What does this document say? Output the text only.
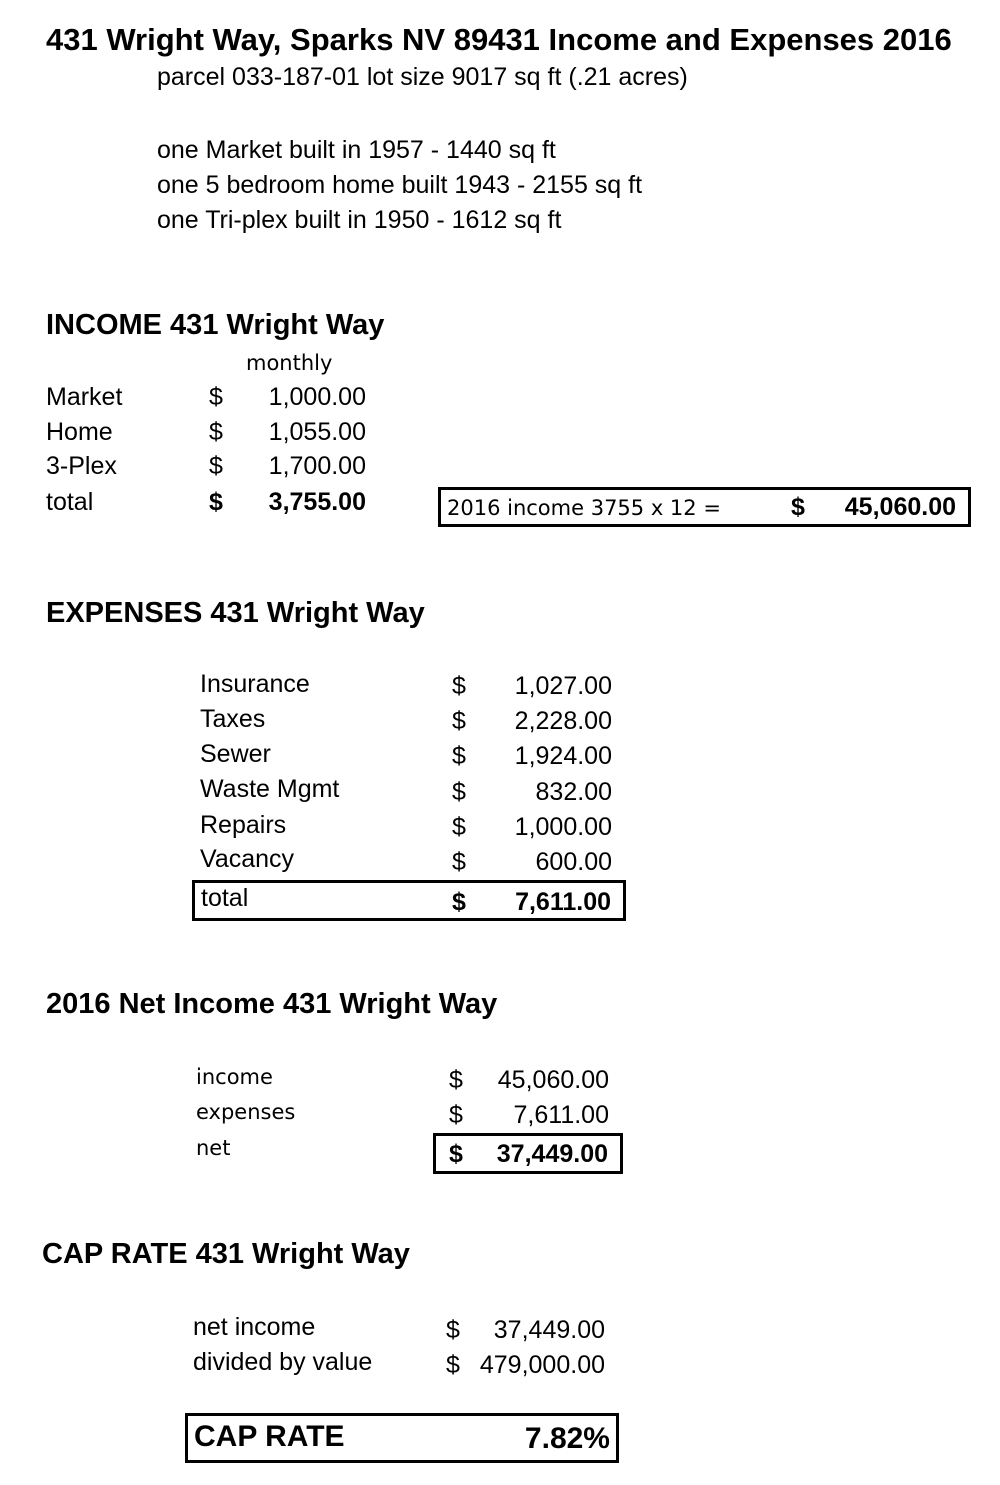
431 Wright Way, Sparks NV 89431 Income and Expenses 2016
parcel 033-187-01 lot size 9017 sq ft (.21 acres)
one Market built in 1957 - 1440 sq ft
one 5 bedroom home built 1943 - 2155 sq ft
one Tri-plex built in 1950 - 1612 sq ft
INCOME 431 Wright Way
monthly
Market	$ 1,000.00
Home	$ 1,055.00
3-Plex	$ 1,700.00
total	$ 3,755.00	2016 income 3755 x 12 =	$ 45,060.00
EXPENSES 431 Wright Way
Insurance	$ 1,027.00
Taxes	$ 2,228.00
Sewer	$ 1,924.00
Waste Mgmt	$	832.00
Repairs	$ 1,000.00
Vacancy	$	600.00
total	$ 7,611.00
2016 Net Income 431 Wright Way
income	$ 45,060.00
expenses	$ 7,611.00
net	$ 37,449.00
CAP RATE 431 Wright Way
net income	$ 37,449.00
divided by value	$ 479,000.00
CAP RATE	7.82%
